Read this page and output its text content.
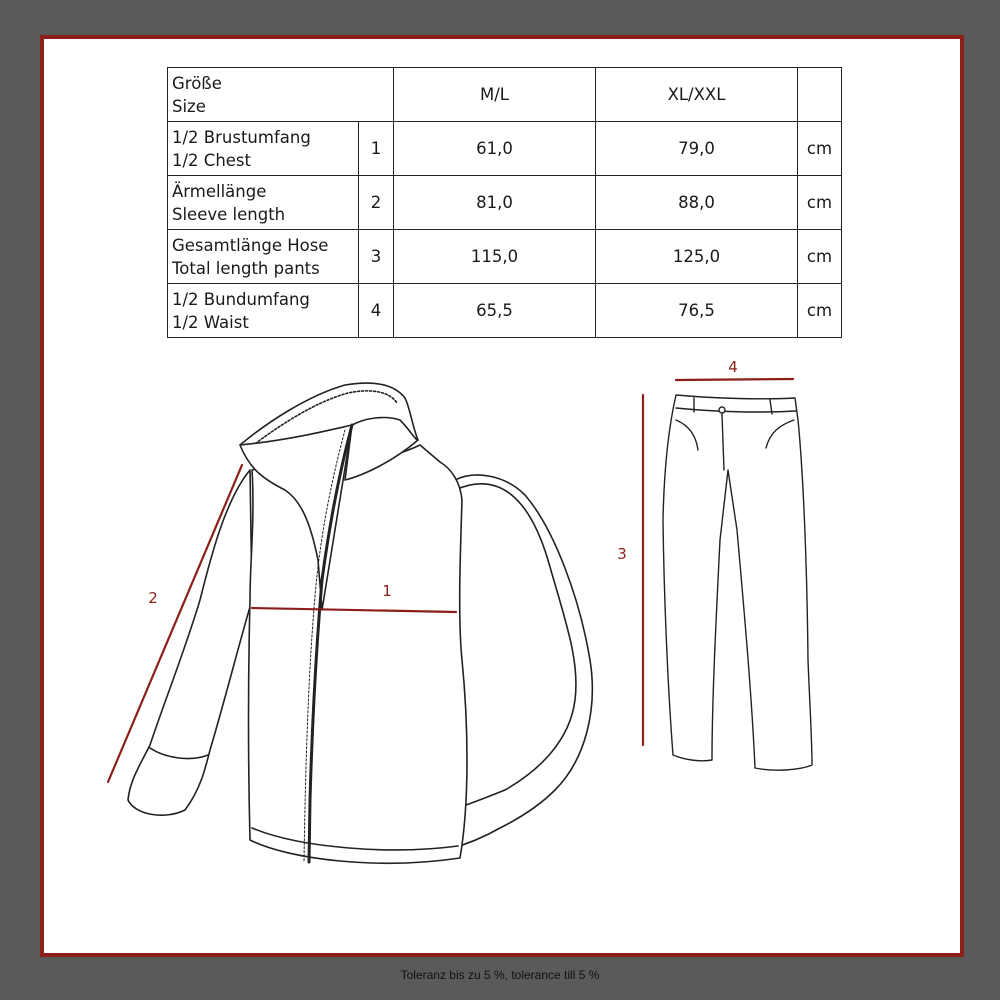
Größe
Size		M/L	XL/XXL	

1/2 Brustumfang
1/2 Chest	1	61,0	79,0	cm

Ärmellänge
Sleeve length	2	81,0	88,0	cm

Gesamtlänge Hose
Total length pants	3	115,0	125,0	cm

1/2 Bundumfang
1/2 Waist	4	65,5	76,5	cm
1
2
3
4
Toleranz bis zu 5 %, tolerance till 5 %
